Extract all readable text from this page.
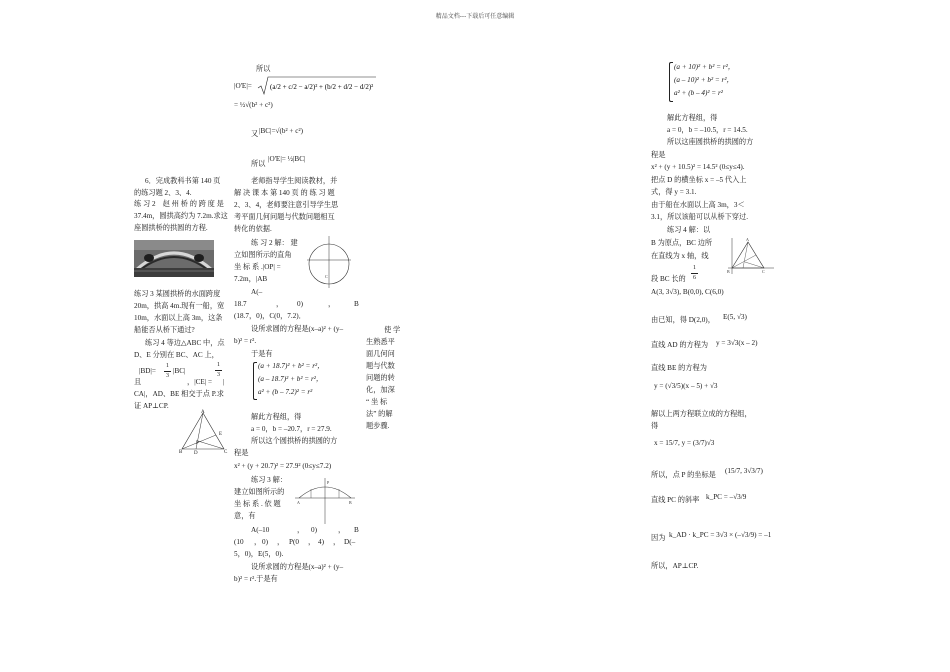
精品文档---下载后可任意编辑
6．完成教科书第 140 页
的练习题 2、3、4.
练 习 2　赵 州 桥 的 跨 度 是
37.4m，圆拱高约为 7.2m.求这
座圆拱桥的拱圆的方程.
练习 3 某圆拱桥的水面跨度
20m，拱高 4m.现有一船，宽
10m，水面以上高 3m，这条
船能否从桥下通过?
练习 4 等边△ABC 中，点
D、E 分别在 BC、AC 上，
|BD|=
1
3
|BC|
且	，|CE| =
1
3
|
CA|，AD、BE 相交于点 P.求
证 AP⊥CP.
A
E
P
B D	C
所以
|O'E|=	(a/2 + c/2 − a/2)² + (b/2 + d/2 − d/2)²
= ½√(b² + c²)
又 |BC|=√(b² + c²)
所以
|O'E|= ½|BC|
老师指导学生阅读教材，并
解 决 课 本 第 140 页 的 练 习 题
2、3、4，老师要注意引导学生思
考平面几何问题与代数问题相互
转化的依据.
练 习 2 解： 建
立如图所示的直角
坐 标 系 .|OP| =
7.2m，|AB	C
A(–
18.7	， 0)	，	B
(18.7，0)，C(0，7.2)．
设所求圆的方程是(x–a)² + (y–
b)² = r².
于是有
(a + 18.7)² + b² = r²，
(a – 18.7)² + b² = r²，
a² + (b – 7.2)² = r²
解此方程组，得
a = 0，b = –20.7，r = 27.9.
所以这个圆拱桥的拱圆的方
程是
x² + (y + 20.7)² = 27.9² (0≤y≤7.2)
练习 3 解：
建立如图所示的
坐 标 系 . 依 题
意，有
A	B
P
A(–10	， 0)	， B
(10 ， 0) ， P(0 ， 4) ， D(–
5，0)，E(5，0).
设所求圆的方程是(x–a)² + (y–
b)² = r².于是有
使 学
生熟悉平
面几何问
题与代数
问题的转
化，加深
“ 坐 标
法” 的解
题步骤.
(a + 10)² + b² = r²，
(a – 10)² + b² = r²，
a² + (b – 4)² = r²
解此方程组，得
a = 0，b = –10.5，r = 14.5.
所以这座圆拱桥的拱圆的方
程是
x² + (y + 10.5)² = 14.5² (0≤y≤4).
把点 D 的横坐标 x = –5 代入上
式，得 y = 3.1.
由于船在水面以上高 3m，3＜
3.1，所以该船可以从桥下穿过.
练习 4 解：以
B 为原点，BC 边所
在直线为 x 轴，线
A
B	C
段 BC 长的
1
6
A(3, 3√3), B(0,0), C(6,0)
由已知，得 D(2,0)， E(5, √3)
直线 AD 的方程为 y = 3√3(x – 2)
直线 BE 的方程为
y = (√3/5)(x – 5) + √3
解以上两方程联立成的方程组，
得
x = 15/7, y = (3/7)√3
所以，点 P 的坐标是 (15/7, 3√3/7)
直线 PC 的斜率 k_PC = –√3/9
因为 k_AD · k_PC = 3√3 × (–√3/9) = –1
所以，AP⊥CP.
